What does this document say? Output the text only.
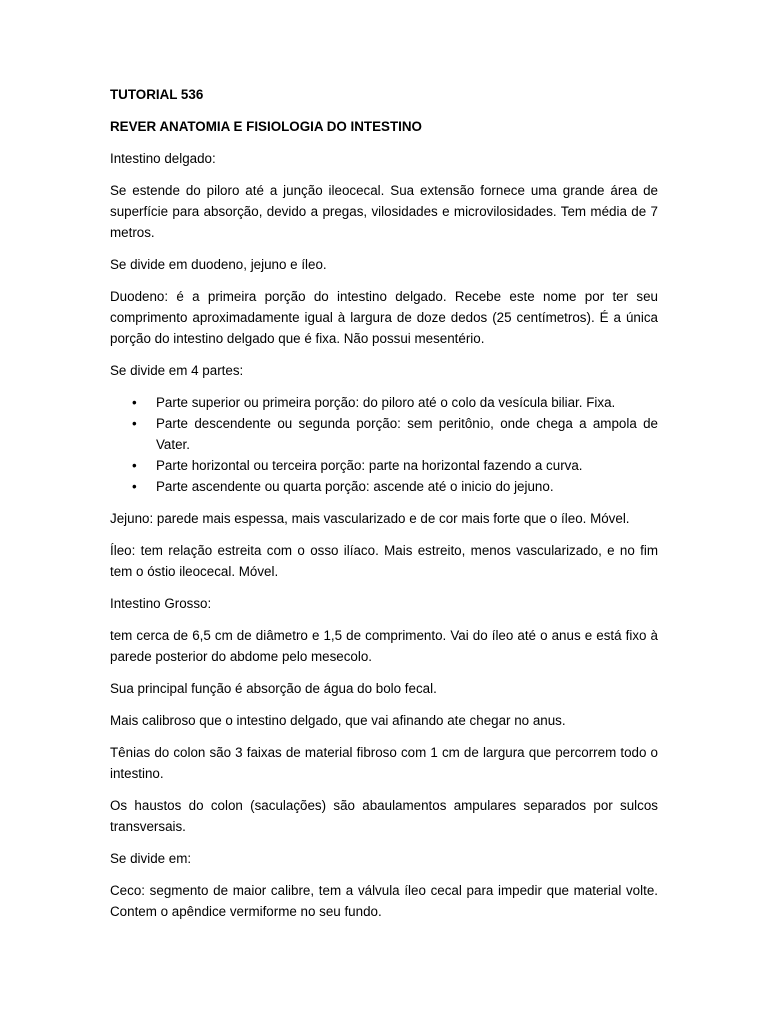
TUTORIAL 536

REVER ANATOMIA E FISIOLOGIA DO INTESTINO

Intestino delgado:

Se estende do piloro até a junção ileocecal. Sua extensão fornece uma grande área de superfície para absorção, devido a pregas, vilosidades e microvilosidades. Tem média de 7 metros.

Se divide em duodeno, jejuno e íleo.

Duodeno: é a primeira porção do intestino delgado. Recebe este nome por ter seu comprimento aproximadamente igual à largura de doze dedos (25 centímetros). É a única porção do intestino delgado que é fixa. Não possui mesentério.

Se divide em 4 partes:

• Parte superior ou primeira porção: do piloro até o colo da vesícula biliar. Fixa.
• Parte descendente ou segunda porção: sem peritônio, onde chega a ampola de Vater.
• Parte horizontal ou terceira porção: parte na horizontal fazendo a curva.
• Parte ascendente ou quarta porção: ascende até o inicio do jejuno.

Jejuno: parede mais espessa, mais vascularizado e de cor mais forte que o íleo. Móvel.

Íleo: tem relação estreita com o osso ilíaco. Mais estreito, menos vascularizado, e no fim tem o óstio ileocecal. Móvel.

Intestino Grosso:

tem cerca de 6,5 cm de diâmetro e 1,5 de comprimento. Vai do íleo até o anus e está fixo à parede posterior do abdome pelo mesecolo.

Sua principal função é absorção de água do bolo fecal.

Mais calibroso que o intestino delgado, que vai afinando ate chegar no anus.

Tênias do colon são 3 faixas de material fibroso com 1 cm de largura que percorrem todo o intestino.

Os haustos do colon (saculações) são abaulamentos ampulares separados por sulcos transversais.

Se divide em:

Ceco: segmento de maior calibre, tem a válvula íleo cecal para impedir que material volte. Contem o apêndice vermiforme no seu fundo.
